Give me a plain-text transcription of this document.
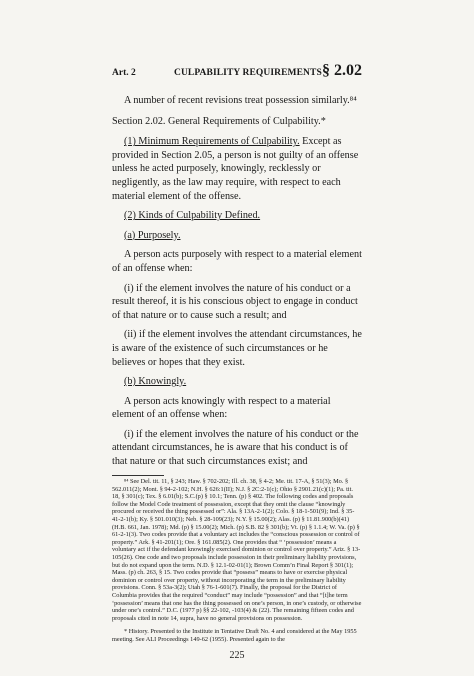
Art. 2	CULPABILITY REQUIREMENTS § 2.02

A number of recent revisions treat possession similarly.⁸⁴

Section 2.02. General Requirements of Culpability.*

(1) Minimum Requirements of Culpability. Except as provided in Section 2.05, a person is not guilty of an offense unless he acted purposely, knowingly, recklessly or negligently, as the law may require, with respect to each material element of the offense.

(2) Kinds of Culpability Defined.

(a) Purposely.

A person acts purposely with respect to a material element of an offense when:

(i) if the element involves the nature of his conduct or a result thereof, it is his conscious object to engage in conduct of that nature or to cause such a result; and

(ii) if the element involves the attendant circumstances, he is aware of the existence of such circumstances or he believes or hopes that they exist.

(b) Knowingly.

A person acts knowingly with respect to a material element of an offense when:

(i) if the element involves the nature of his conduct or the attendant circumstances, he is aware that his conduct is of that nature or that such circumstances exist; and

⁸⁴ See Del. tit. 11, § 243; Haw. § 702-202; Ill. ch. 38, § 4-2; Me. tit. 17-A, § 51(3); Mo. § 562.011(2); Mont. § 94-2-102; N.H. § 626:1(II); N.J. § 2C:2-1(c); Ohio § 2901.21(c)(1); Pa. tit. 18, § 301(c); Tex. § 6.01(b); S.C.(p) § 10.1; Tenn. (p) § 402. The following codes and proposals follow the Model Code treatment of possession, except that they omit the clause “knowingly procured or received the thing possessed or”: Ala. § 13A-2-1(2); Colo. § 18-1-501(9); Ind. § 35-41-2-1(b); Ky. § 501.010(3); Neb. § 28-109(23); N.Y. § 15.00(2); Alas. (p) § 11.81.900(b)(41) (H.B. 661, Jan. 1978); Md. (p) § 15.00(2); Mich. (p) S.B. 82 § 301(b); Vt. (p) § 1.1.4; W. Va. (p) § 61-2-1(3). Two codes provide that a voluntary act includes the “conscious possession or control of property.” Ark. § 41-201(1); Ore. § 161.085(2). One provides that “ ‘possession’ means a voluntary act if the defendant knowingly exercised dominion or control over property.” Ariz. § 13-105(26). One code and two proposals include possession in their preliminary liability provisions, but do not expand upon the term. N.D. § 12.1-02-01(1); Brown Comm’n Final Report § 301(1); Mass. (p) ch. 263, § 15. Two codes provide that “possess” means to have or exercise physical dominion or control over property, without incorporating the term in the preliminary liability provisions. Conn. § 53a-3(2); Utah § 76-1-601(7). Finally, the proposal for the District of Columbia provides that the required “conduct” may include “possession” and that “[t]he term ‘possession’ means that one has the thing possessed on one’s person, in one’s custody, or otherwise under one’s control.” D.C. (1977 p) §§ 22-102, -103(4) & (22). The remaining fifteen codes and proposals cited in note 14, supra, have no general provisions on possession.

* History. Presented to the Institute in Tentative Draft No. 4 and considered at the May 1955 meeting. See ALI Proceedings 149-62 (1955). Presented again to the

225
